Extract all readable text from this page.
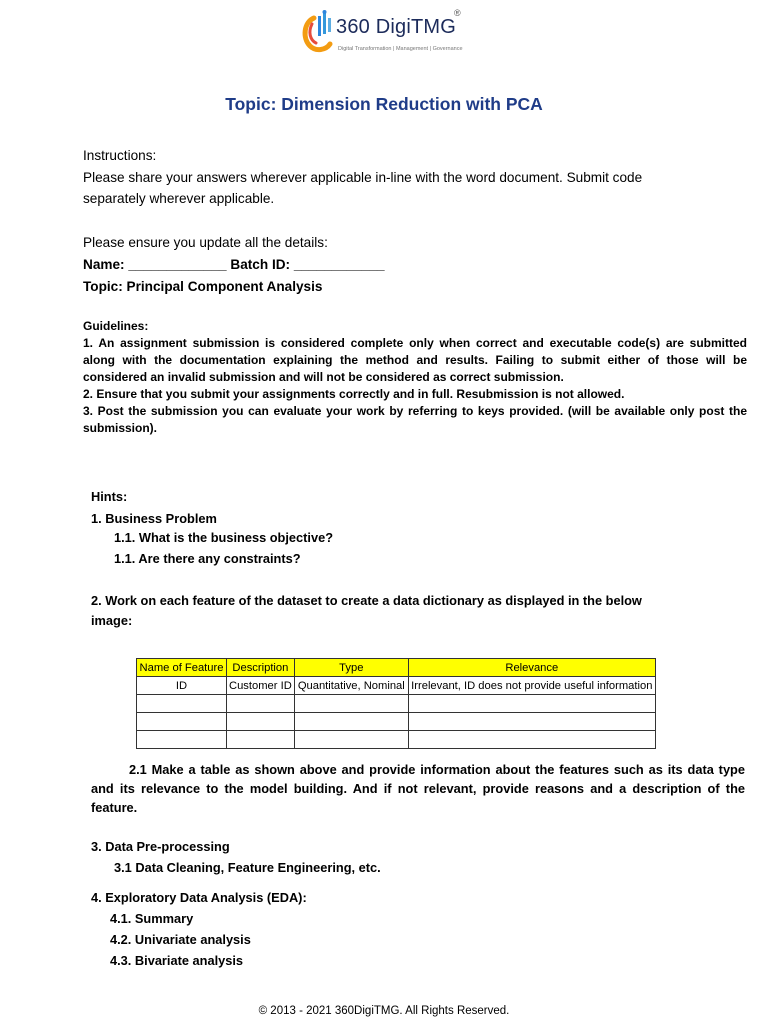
360 DigiTMG
®
Digital Transformation | Management | Governance
Topic: Dimension Reduction with PCA
Instructions:
Please share your answers wherever applicable in-line with the word document. Submit code
separately wherever applicable.
Please ensure you update all the details:
Name: _____________ Batch ID: ____________
Topic: Principal Component Analysis

Guidelines:

1. An assignment submission is considered complete only when correct and executable code(s) are submitted along with the documentation explaining the method and results. Failing to submit either of those will be considered an invalid submission and will not be considered as correct submission.

2. Ensure that you submit your assignments correctly and in full. Resubmission is not allowed.

3. Post the submission you can evaluate your work by referring to keys provided. (will be available only post the submission).

Hints:
1. Business Problem
1.1. What is the business objective?
1.1. Are there any constraints?
2. Work on each feature of the dataset to create a data dictionary as displayed in the below
image:
Name of Feature	Description	Type	Relevance
ID	Customer ID	Quantitative, Nominal	Irrelevant, ID does not provide useful information

2.1 Make a table as shown above and provide information about the features such as its data type and its relevance to the model building. And if not relevant, provide reasons and a description of the feature.

3. Data Pre-processing
3.1 Data Cleaning, Feature Engineering, etc.
4. Exploratory Data Analysis (EDA):
4.1. Summary
4.2. Univariate analysis
4.3. Bivariate analysis
© 2013 - 2021 360DigiTMG. All Rights Reserved.
